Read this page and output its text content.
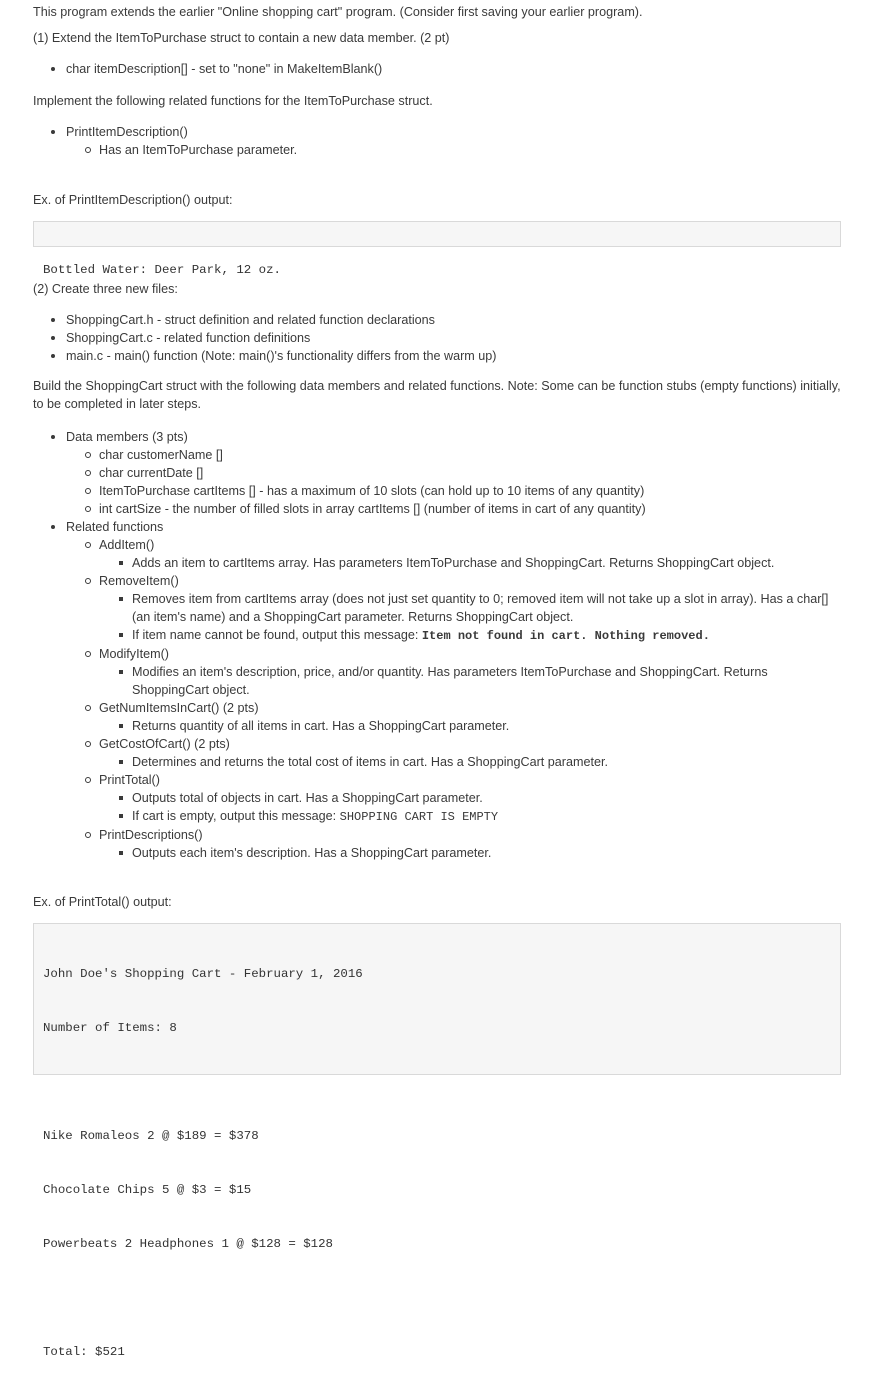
This program extends the earlier "Online shopping cart" program. (Consider first saving your earlier program).

(1) Extend the ItemToPurchase struct to contain a new data member. (2 pt)

char itemDescription[] - set to "none" in MakeItemBlank()

Implement the following related functions for the ItemToPurchase struct.

PrintItemDescription()
Has an ItemToPurchase parameter.

Ex. of PrintItemDescription() output:

Bottled Water: Deer Park, 12 oz.

(2) Create three new files:

ShoppingCart.h - struct definition and related function declarations
ShoppingCart.c - related function definitions
main.c - main() function (Note: main()'s functionality differs from the warm up)

Build the ShoppingCart struct with the following data members and related functions. Note: Some can be function stubs (empty functions) initially, to be completed in later steps.

Data members (3 pts)
char customerName []
char currentDate []
ItemToPurchase cartItems [] - has a maximum of 10 slots (can hold up to 10 items of any quantity)
int cartSize - the number of filled slots in array cartItems [] (number of items in cart of any quantity)
Related functions
AddItem()
Adds an item to cartItems array. Has parameters ItemToPurchase and ShoppingCart. Returns ShoppingCart object.
RemoveItem()
Removes item from cartItems array (does not just set quantity to 0; removed item will not take up a slot in array). Has a char[](an item's name) and a ShoppingCart parameter. Returns ShoppingCart object.
If item name cannot be found, output this message: Item not found in cart. Nothing removed.
ModifyItem()
Modifies an item's description, price, and/or quantity. Has parameters ItemToPurchase and ShoppingCart. Returns ShoppingCart object.
GetNumItemsInCart() (2 pts)
Returns quantity of all items in cart. Has a ShoppingCart parameter.
GetCostOfCart() (2 pts)
Determines and returns the total cost of items in cart. Has a ShoppingCart parameter.
PrintTotal()
Outputs total of objects in cart. Has a ShoppingCart parameter.
If cart is empty, output this message: SHOPPING CART IS EMPTY
PrintDescriptions()
Outputs each item's description. Has a ShoppingCart parameter.

Ex. of PrintTotal() output:

John Doe's Shopping Cart - February 1, 2016

Number of Items: 8

Nike Romaleos 2 @ $189 = $378

Chocolate Chips 5 @ $3 = $15

Powerbeats 2 Headphones 1 @ $128 = $128

Total: $521
